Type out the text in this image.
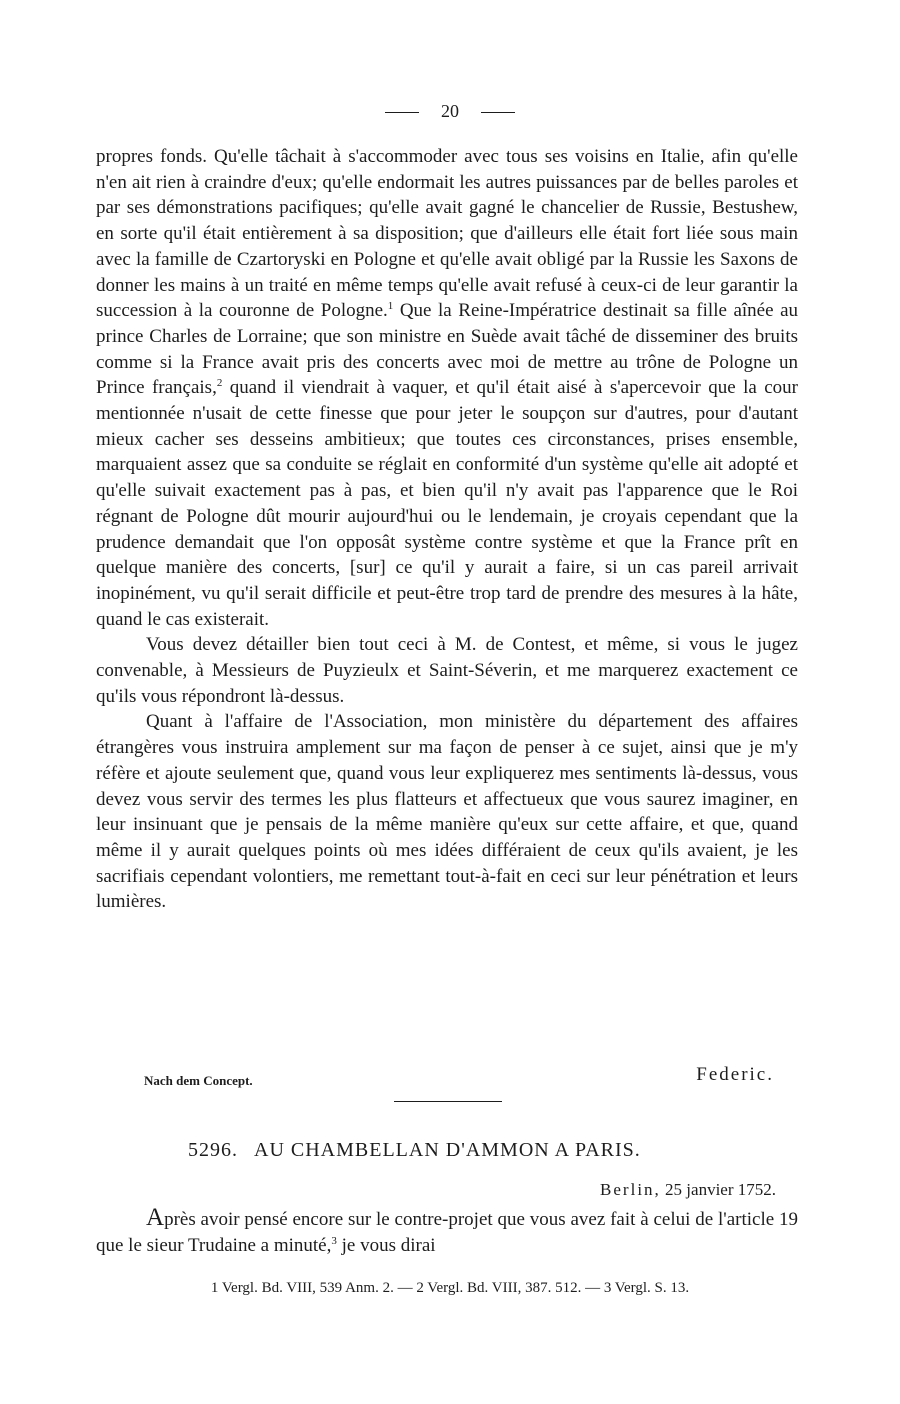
20

propres fonds. Qu'elle tâchait à s'accommoder avec tous ses voisins en Italie, afin qu'elle n'en ait rien à craindre d'eux; qu'elle endormait les autres puissances par de belles paroles et par ses démonstrations pacifiques; qu'elle avait gagné le chancelier de Russie, Bestushew, en sorte qu'il était entièrement à sa disposition; que d'ailleurs elle était fort liée sous main avec la famille de Czartoryski en Pologne et qu'elle avait obligé par la Russie les Saxons de donner les mains à un traité en même temps qu'elle avait refusé à ceux-ci de leur garantir la succession à la couronne de Pologne.$^1$ Que la Reine-Impératrice destinait sa fille aînée au prince Charles de Lorraine; que son ministre en Suède avait tâché de disseminer des bruits comme si la France avait pris des concerts avec moi de mettre au trône de Pologne un Prince français,$^2$ quand il viendrait à vaquer, et qu'il était aisé à s'apercevoir que la cour mentionnée n'usait de cette finesse que pour jeter le soupçon sur d'autres, pour d'autant mieux cacher ses desseins ambitieux; que toutes ces circonstances, prises ensemble, marquaient assez que sa conduite se réglait en conformité d'un système qu'elle ait adopté et qu'elle suivait exactement pas à pas, et bien qu'il n'y avait pas l'apparence que le Roi régnant de Pologne dût mourir aujourd'hui ou le lendemain, je croyais cependant que la prudence demandait que l'on opposât système contre système et que la France prît en quelque manière des concerts, [sur] ce qu'il y aurait a faire, si un cas pareil arrivait inopinément, vu qu'il serait difficile et peut-être trop tard de prendre des mesures à la hâte, quand le cas existerait.

Vous devez détailler bien tout ceci à M. de Contest, et même, si vous le jugez convenable, à Messieurs de Puyzieulx et Saint-Séverin, et me marquerez exactement ce qu'ils vous répondront là-dessus.

Quant à l'affaire de l'Association, mon ministère du département des affaires étrangères vous instruira amplement sur ma façon de penser à ce sujet, ainsi que je m'y réfère et ajoute seulement que, quand vous leur expliquerez mes sentiments là-dessus, vous devez vous servir des termes les plus flatteurs et affectueux que vous saurez imaginer, en leur insinuant que je pensais de la même manière qu'eux sur cette affaire, et que, quand même il y aurait quelques points où mes idées différaient de ceux qu'ils avaient, je les sacrifiais cependant volontiers, me remettant tout-à-fait en ceci sur leur pénétration et leurs lumières.

Nach dem Concept.	Federic.
5296. AU CHAMBELLAN D'AMMON A PARIS.
Berlin, 25 janvier 1752.

Après avoir pensé encore sur le contre-projet que vous avez fait à celui de l'article 19 que le sieur Trudaine a minuté,$^3$ je vous dirai

1 Vergl. Bd. VIII, 539 Anm. 2. — 2 Vergl. Bd. VIII, 387. 512. — 3 Vergl. S. 13.
